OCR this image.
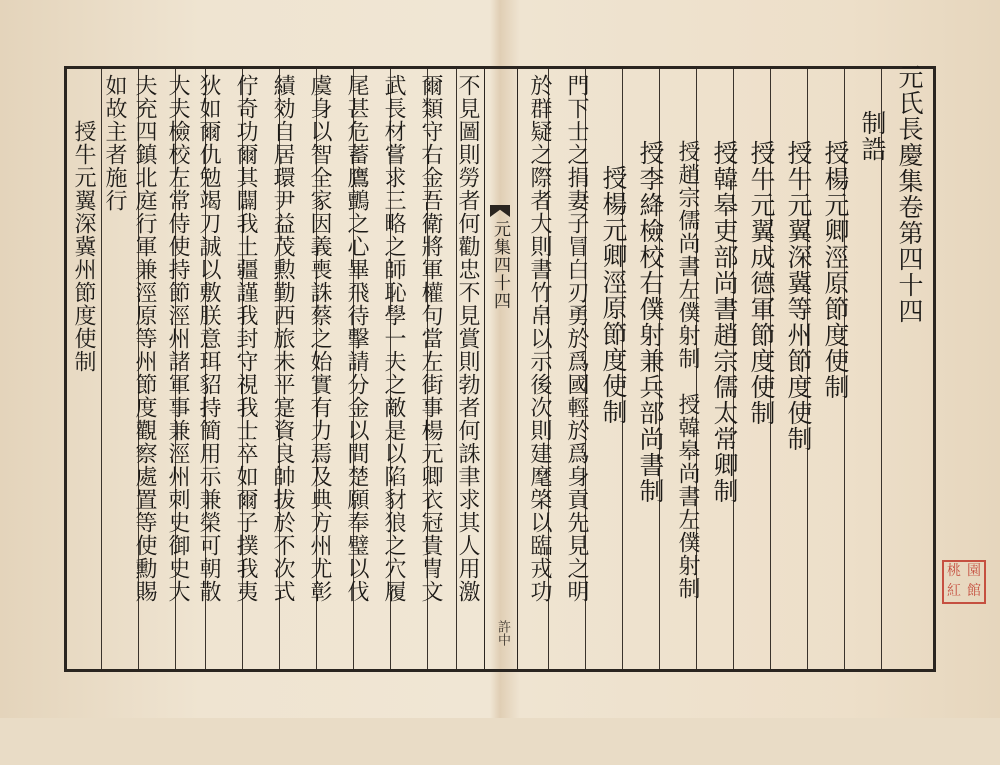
元氏長慶集卷第四十四
制誥
授楊元卿涇原節度使制
授牛元翼深冀等州節度使制
授牛元翼成德軍節度使制
授韓皋吏部尚書趙宗儒太常卿制
授趙宗儒尚書左僕射制　授韓皋尚書左僕射制
授李絳檢校右僕射兼兵部尚書制
授楊元卿涇原節度使制
門下士之捐妻子冒白刃勇於爲國輕於爲身貢先見之明
於群疑之際者大則書竹帛以示後次則建麾棨以臨戎功
元集四十四
許中
不見圖則勞者何勸忠不見賞則勃者何誅聿求其人用激
爾類守右金吾衛將軍權句當左街事楊元卿衣冠貴冑文
武長材嘗求三略之師恥學一夫之敵是以陷豺狼之穴履
尾甚危蓄鷹鸇之心畢飛待擊請分金以間楚願奉璧以伐
虞身以智全家因義喪誅蔡之始實有力焉及典方州尤彰
績効自居環尹益茂勲勤西旅未平寔資良帥拔於不次式
佇奇功爾其闢我土疆謹我封守視我士卒如爾子撲我夷
狄如爾仇勉竭刀誠以敷朕意珥貂持簡用示兼榮可朝散
大夫檢校左常侍使持節涇州諸軍事兼涇州刺史御史大
夫充四鎮北庭行軍兼涇原等州節度觀察處置等使勳賜
如故主者施行
桃 園
紅 館
授牛元翼深冀州節度使制
